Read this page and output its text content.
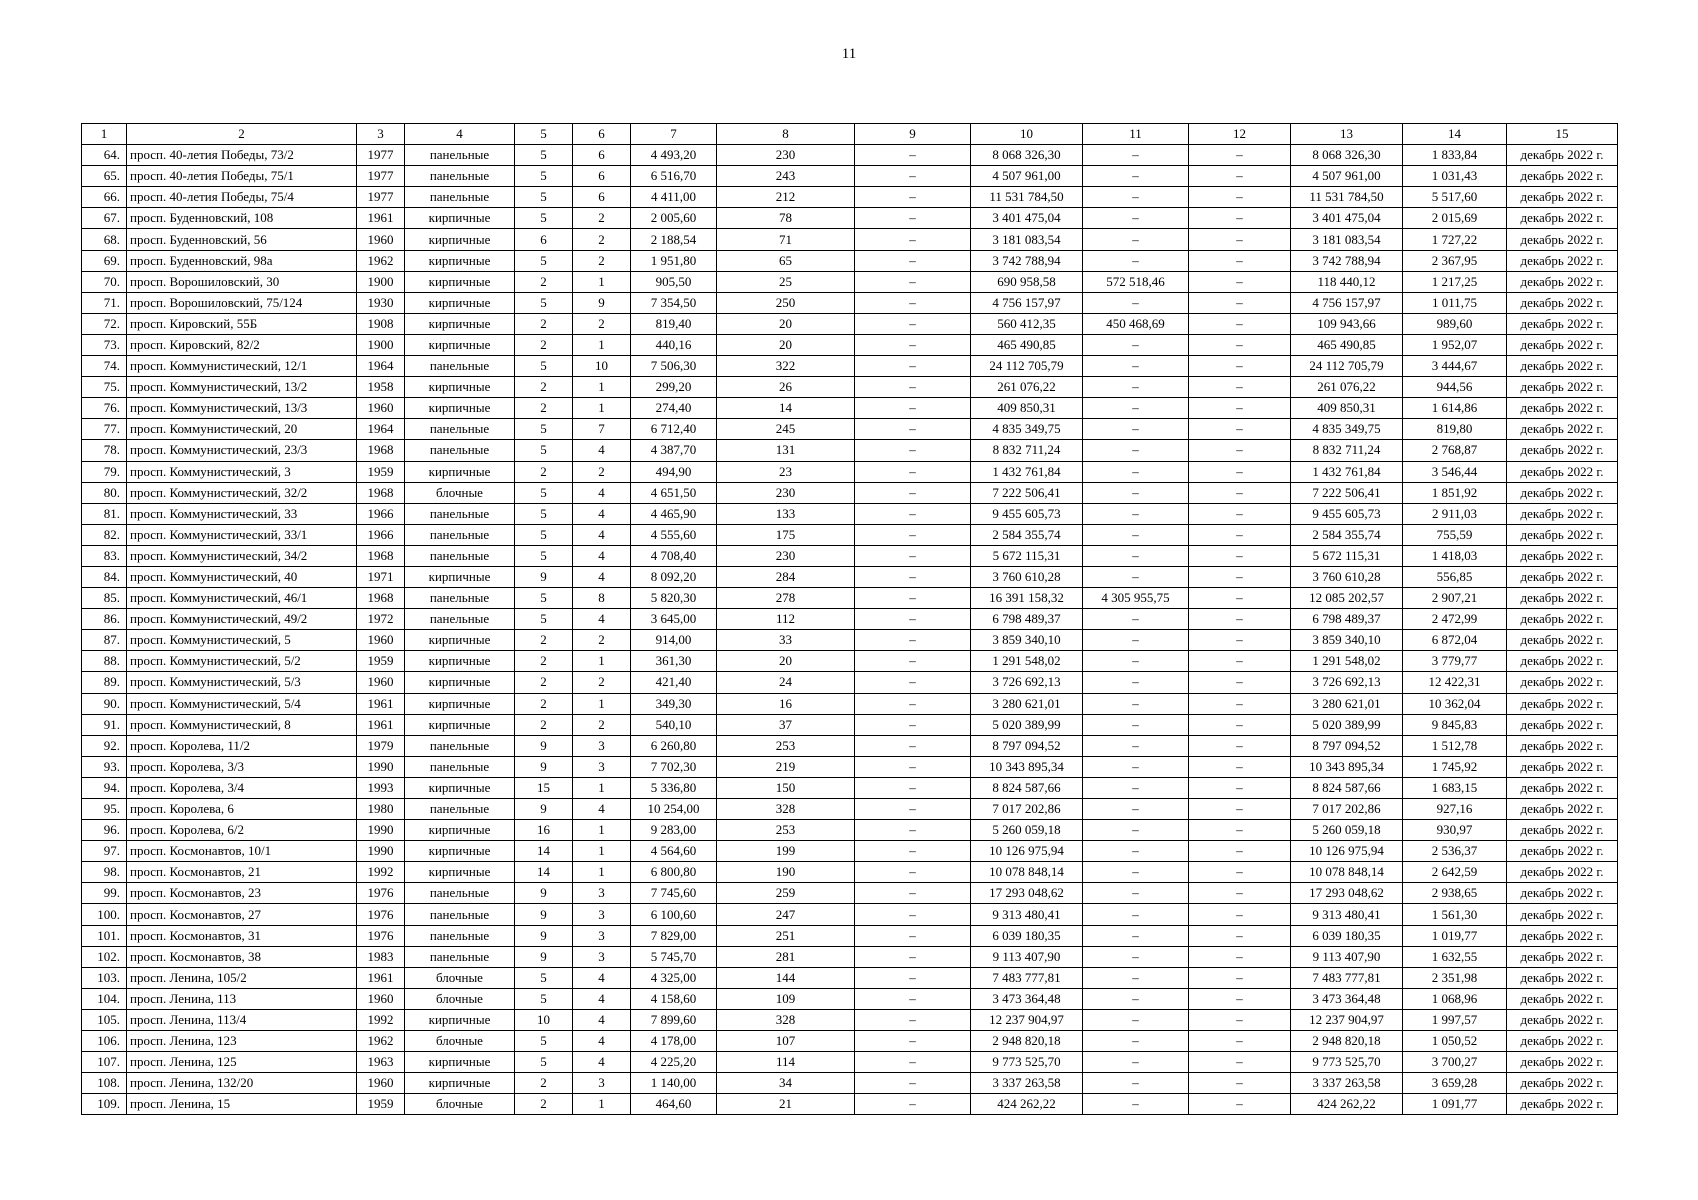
11
1	2	3	4	5	6	7	8	9	10	11	12	13	14	15
64.	просп. 40-летия Победы, 73/2	1977	панельные	5	6	4 493,20	230	–	8 068 326,30	–	–	8 068 326,30	1 833,84	декабрь 2022 г.
65.	просп. 40-летия Победы, 75/1	1977	панельные	5	6	6 516,70	243	–	4 507 961,00	–	–	4 507 961,00	1 031,43	декабрь 2022 г.
66.	просп. 40-летия Победы, 75/4	1977	панельные	5	6	4 411,00	212	–	11 531 784,50	–	–	11 531 784,50	5 517,60	декабрь 2022 г.
67.	просп. Буденновский, 108	1961	кирпичные	5	2	2 005,60	78	–	3 401 475,04	–	–	3 401 475,04	2 015,69	декабрь 2022 г.
68.	просп. Буденновский, 56	1960	кирпичные	6	2	2 188,54	71	–	3 181 083,54	–	–	3 181 083,54	1 727,22	декабрь 2022 г.
69.	просп. Буденновский, 98а	1962	кирпичные	5	2	1 951,80	65	–	3 742 788,94	–	–	3 742 788,94	2 367,95	декабрь 2022 г.
70.	просп. Ворошиловский, 30	1900	кирпичные	2	1	905,50	25	–	690 958,58	572 518,46	–	118 440,12	1 217,25	декабрь 2022 г.
71.	просп. Ворошиловский, 75/124	1930	кирпичные	5	9	7 354,50	250	–	4 756 157,97	–	–	4 756 157,97	1 011,75	декабрь 2022 г.
72.	просп. Кировский, 55Б	1908	кирпичные	2	2	819,40	20	–	560 412,35	450 468,69	–	109 943,66	989,60	декабрь 2022 г.
73.	просп. Кировский, 82/2	1900	кирпичные	2	1	440,16	20	–	465 490,85	–	–	465 490,85	1 952,07	декабрь 2022 г.
74.	просп. Коммунистический, 12/1	1964	панельные	5	10	7 506,30	322	–	24 112 705,79	–	–	24 112 705,79	3 444,67	декабрь 2022 г.
75.	просп. Коммунистический, 13/2	1958	кирпичные	2	1	299,20	26	–	261 076,22	–	–	261 076,22	944,56	декабрь 2022 г.
76.	просп. Коммунистический, 13/3	1960	кирпичные	2	1	274,40	14	–	409 850,31	–	–	409 850,31	1 614,86	декабрь 2022 г.
77.	просп. Коммунистический, 20	1964	панельные	5	7	6 712,40	245	–	4 835 349,75	–	–	4 835 349,75	819,80	декабрь 2022 г.
78.	просп. Коммунистический, 23/3	1968	панельные	5	4	4 387,70	131	–	8 832 711,24	–	–	8 832 711,24	2 768,87	декабрь 2022 г.
79.	просп. Коммунистический, 3	1959	кирпичные	2	2	494,90	23	–	1 432 761,84	–	–	1 432 761,84	3 546,44	декабрь 2022 г.
80.	просп. Коммунистический, 32/2	1968	блочные	5	4	4 651,50	230	–	7 222 506,41	–	–	7 222 506,41	1 851,92	декабрь 2022 г.
81.	просп. Коммунистический, 33	1966	панельные	5	4	4 465,90	133	–	9 455 605,73	–	–	9 455 605,73	2 911,03	декабрь 2022 г.
82.	просп. Коммунистический, 33/1	1966	панельные	5	4	4 555,60	175	–	2 584 355,74	–	–	2 584 355,74	755,59	декабрь 2022 г.
83.	просп. Коммунистический, 34/2	1968	панельные	5	4	4 708,40	230	–	5 672 115,31	–	–	5 672 115,31	1 418,03	декабрь 2022 г.
84.	просп. Коммунистический, 40	1971	кирпичные	9	4	8 092,20	284	–	3 760 610,28	–	–	3 760 610,28	556,85	декабрь 2022 г.
85.	просп. Коммунистический, 46/1	1968	панельные	5	8	5 820,30	278	–	16 391 158,32	4 305 955,75	–	12 085 202,57	2 907,21	декабрь 2022 г.
86.	просп. Коммунистический, 49/2	1972	панельные	5	4	3 645,00	112	–	6 798 489,37	–	–	6 798 489,37	2 472,99	декабрь 2022 г.
87.	просп. Коммунистический, 5	1960	кирпичные	2	2	914,00	33	–	3 859 340,10	–	–	3 859 340,10	6 872,04	декабрь 2022 г.
88.	просп. Коммунистический, 5/2	1959	кирпичные	2	1	361,30	20	–	1 291 548,02	–	–	1 291 548,02	3 779,77	декабрь 2022 г.
89.	просп. Коммунистический, 5/3	1960	кирпичные	2	2	421,40	24	–	3 726 692,13	–	–	3 726 692,13	12 422,31	декабрь 2022 г.
90.	просп. Коммунистический, 5/4	1961	кирпичные	2	1	349,30	16	–	3 280 621,01	–	–	3 280 621,01	10 362,04	декабрь 2022 г.
91.	просп. Коммунистический, 8	1961	кирпичные	2	2	540,10	37	–	5 020 389,99	–	–	5 020 389,99	9 845,83	декабрь 2022 г.
92.	просп. Королева, 11/2	1979	панельные	9	3	6 260,80	253	–	8 797 094,52	–	–	8 797 094,52	1 512,78	декабрь 2022 г.
93.	просп. Королева, 3/3	1990	панельные	9	3	7 702,30	219	–	10 343 895,34	–	–	10 343 895,34	1 745,92	декабрь 2022 г.
94.	просп. Королева, 3/4	1993	кирпичные	15	1	5 336,80	150	–	8 824 587,66	–	–	8 824 587,66	1 683,15	декабрь 2022 г.
95.	просп. Королева, 6	1980	панельные	9	4	10 254,00	328	–	7 017 202,86	–	–	7 017 202,86	927,16	декабрь 2022 г.
96.	просп. Королева, 6/2	1990	кирпичные	16	1	9 283,00	253	–	5 260 059,18	–	–	5 260 059,18	930,97	декабрь 2022 г.
97.	просп. Космонавтов, 10/1	1990	кирпичные	14	1	4 564,60	199	–	10 126 975,94	–	–	10 126 975,94	2 536,37	декабрь 2022 г.
98.	просп. Космонавтов, 21	1992	кирпичные	14	1	6 800,80	190	–	10 078 848,14	–	–	10 078 848,14	2 642,59	декабрь 2022 г.
99.	просп. Космонавтов, 23	1976	панельные	9	3	7 745,60	259	–	17 293 048,62	–	–	17 293 048,62	2 938,65	декабрь 2022 г.
100.	просп. Космонавтов, 27	1976	панельные	9	3	6 100,60	247	–	9 313 480,41	–	–	9 313 480,41	1 561,30	декабрь 2022 г.
101.	просп. Космонавтов, 31	1976	панельные	9	3	7 829,00	251	–	6 039 180,35	–	–	6 039 180,35	1 019,77	декабрь 2022 г.
102.	просп. Космонавтов, 38	1983	панельные	9	3	5 745,70	281	–	9 113 407,90	–	–	9 113 407,90	1 632,55	декабрь 2022 г.
103.	просп. Ленина, 105/2	1961	блочные	5	4	4 325,00	144	–	7 483 777,81	–	–	7 483 777,81	2 351,98	декабрь 2022 г.
104.	просп. Ленина, 113	1960	блочные	5	4	4 158,60	109	–	3 473 364,48	–	–	3 473 364,48	1 068,96	декабрь 2022 г.
105.	просп. Ленина, 113/4	1992	кирпичные	10	4	7 899,60	328	–	12 237 904,97	–	–	12 237 904,97	1 997,57	декабрь 2022 г.
106.	просп. Ленина, 123	1962	блочные	5	4	4 178,00	107	–	2 948 820,18	–	–	2 948 820,18	1 050,52	декабрь 2022 г.
107.	просп. Ленина, 125	1963	кирпичные	5	4	4 225,20	114	–	9 773 525,70	–	–	9 773 525,70	3 700,27	декабрь 2022 г.
108.	просп. Ленина, 132/20	1960	кирпичные	2	3	1 140,00	34	–	3 337 263,58	–	–	3 337 263,58	3 659,28	декабрь 2022 г.
109.	просп. Ленина, 15	1959	блочные	2	1	464,60	21	–	424 262,22	–	–	424 262,22	1 091,77	декабрь 2022 г.
